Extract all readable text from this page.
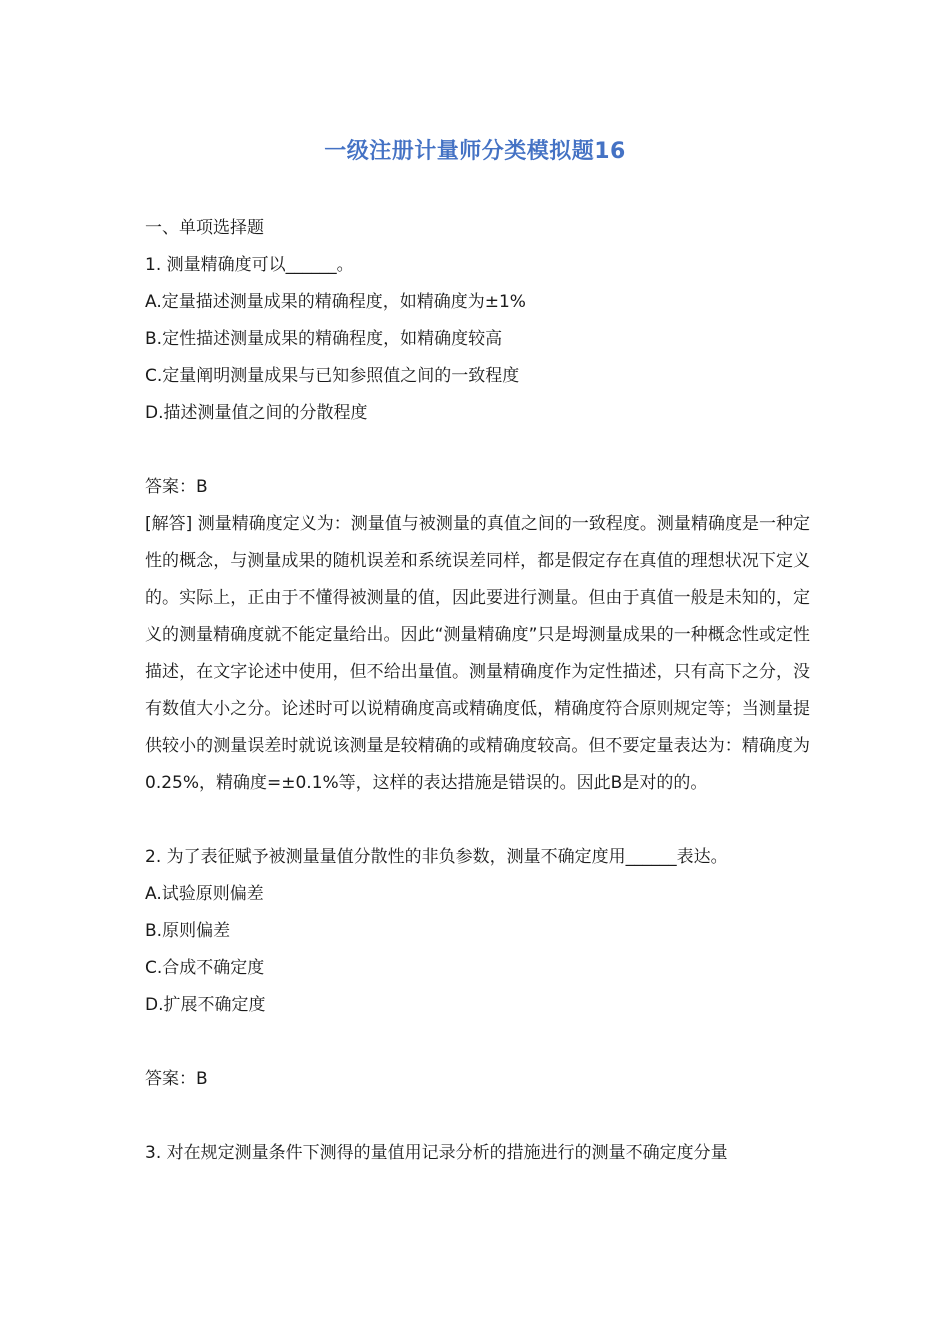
一级注册计量师分类模拟题16

一、单项选择题

1. 测量精确度可以______。

A.定量描述测量成果的精确程度，如精确度为±1%

B.定性描述测量成果的精确程度，如精确度较高

C.定量阐明测量成果与已知参照值之间的一致程度

D.描述测量值之间的分散程度

答案：B

[解答] 测量精确度定义为：测量值与被测量的真值之间的一致程度。测量精确度是一种定性的概念，与测量成果的随机误差和系统误差同样，都是假定存在真值的理想状况下定义的。实际上，正由于不懂得被测量的值，因此要进行测量。但由于真值一般是未知的，定义的测量精确度就不能定量给出。因此“测量精确度”只是坶测量成果的一种概念性或定性描述，在文字论述中使用，但不给出量值。测量精确度作为定性描述，只有高下之分，没有数值大小之分。论述时可以说精确度高或精确度低，精确度符合原则规定等；当测量提供较小的测量误差时就说该测量是较精确的或精确度较高。但不要定量表达为：精确度为0.25%，精确度=±0.1%等，这样的表达措施是错误的。因此B是对的的。

2. 为了表征赋予被测量量值分散性的非负参数，测量不确定度用______表达。

A.试验原则偏差

B.原则偏差

C.合成不确定度

D.扩展不确定度

答案：B

3. 对在规定测量条件下测得的量值用记录分析的措施进行的测量不确定度分量
